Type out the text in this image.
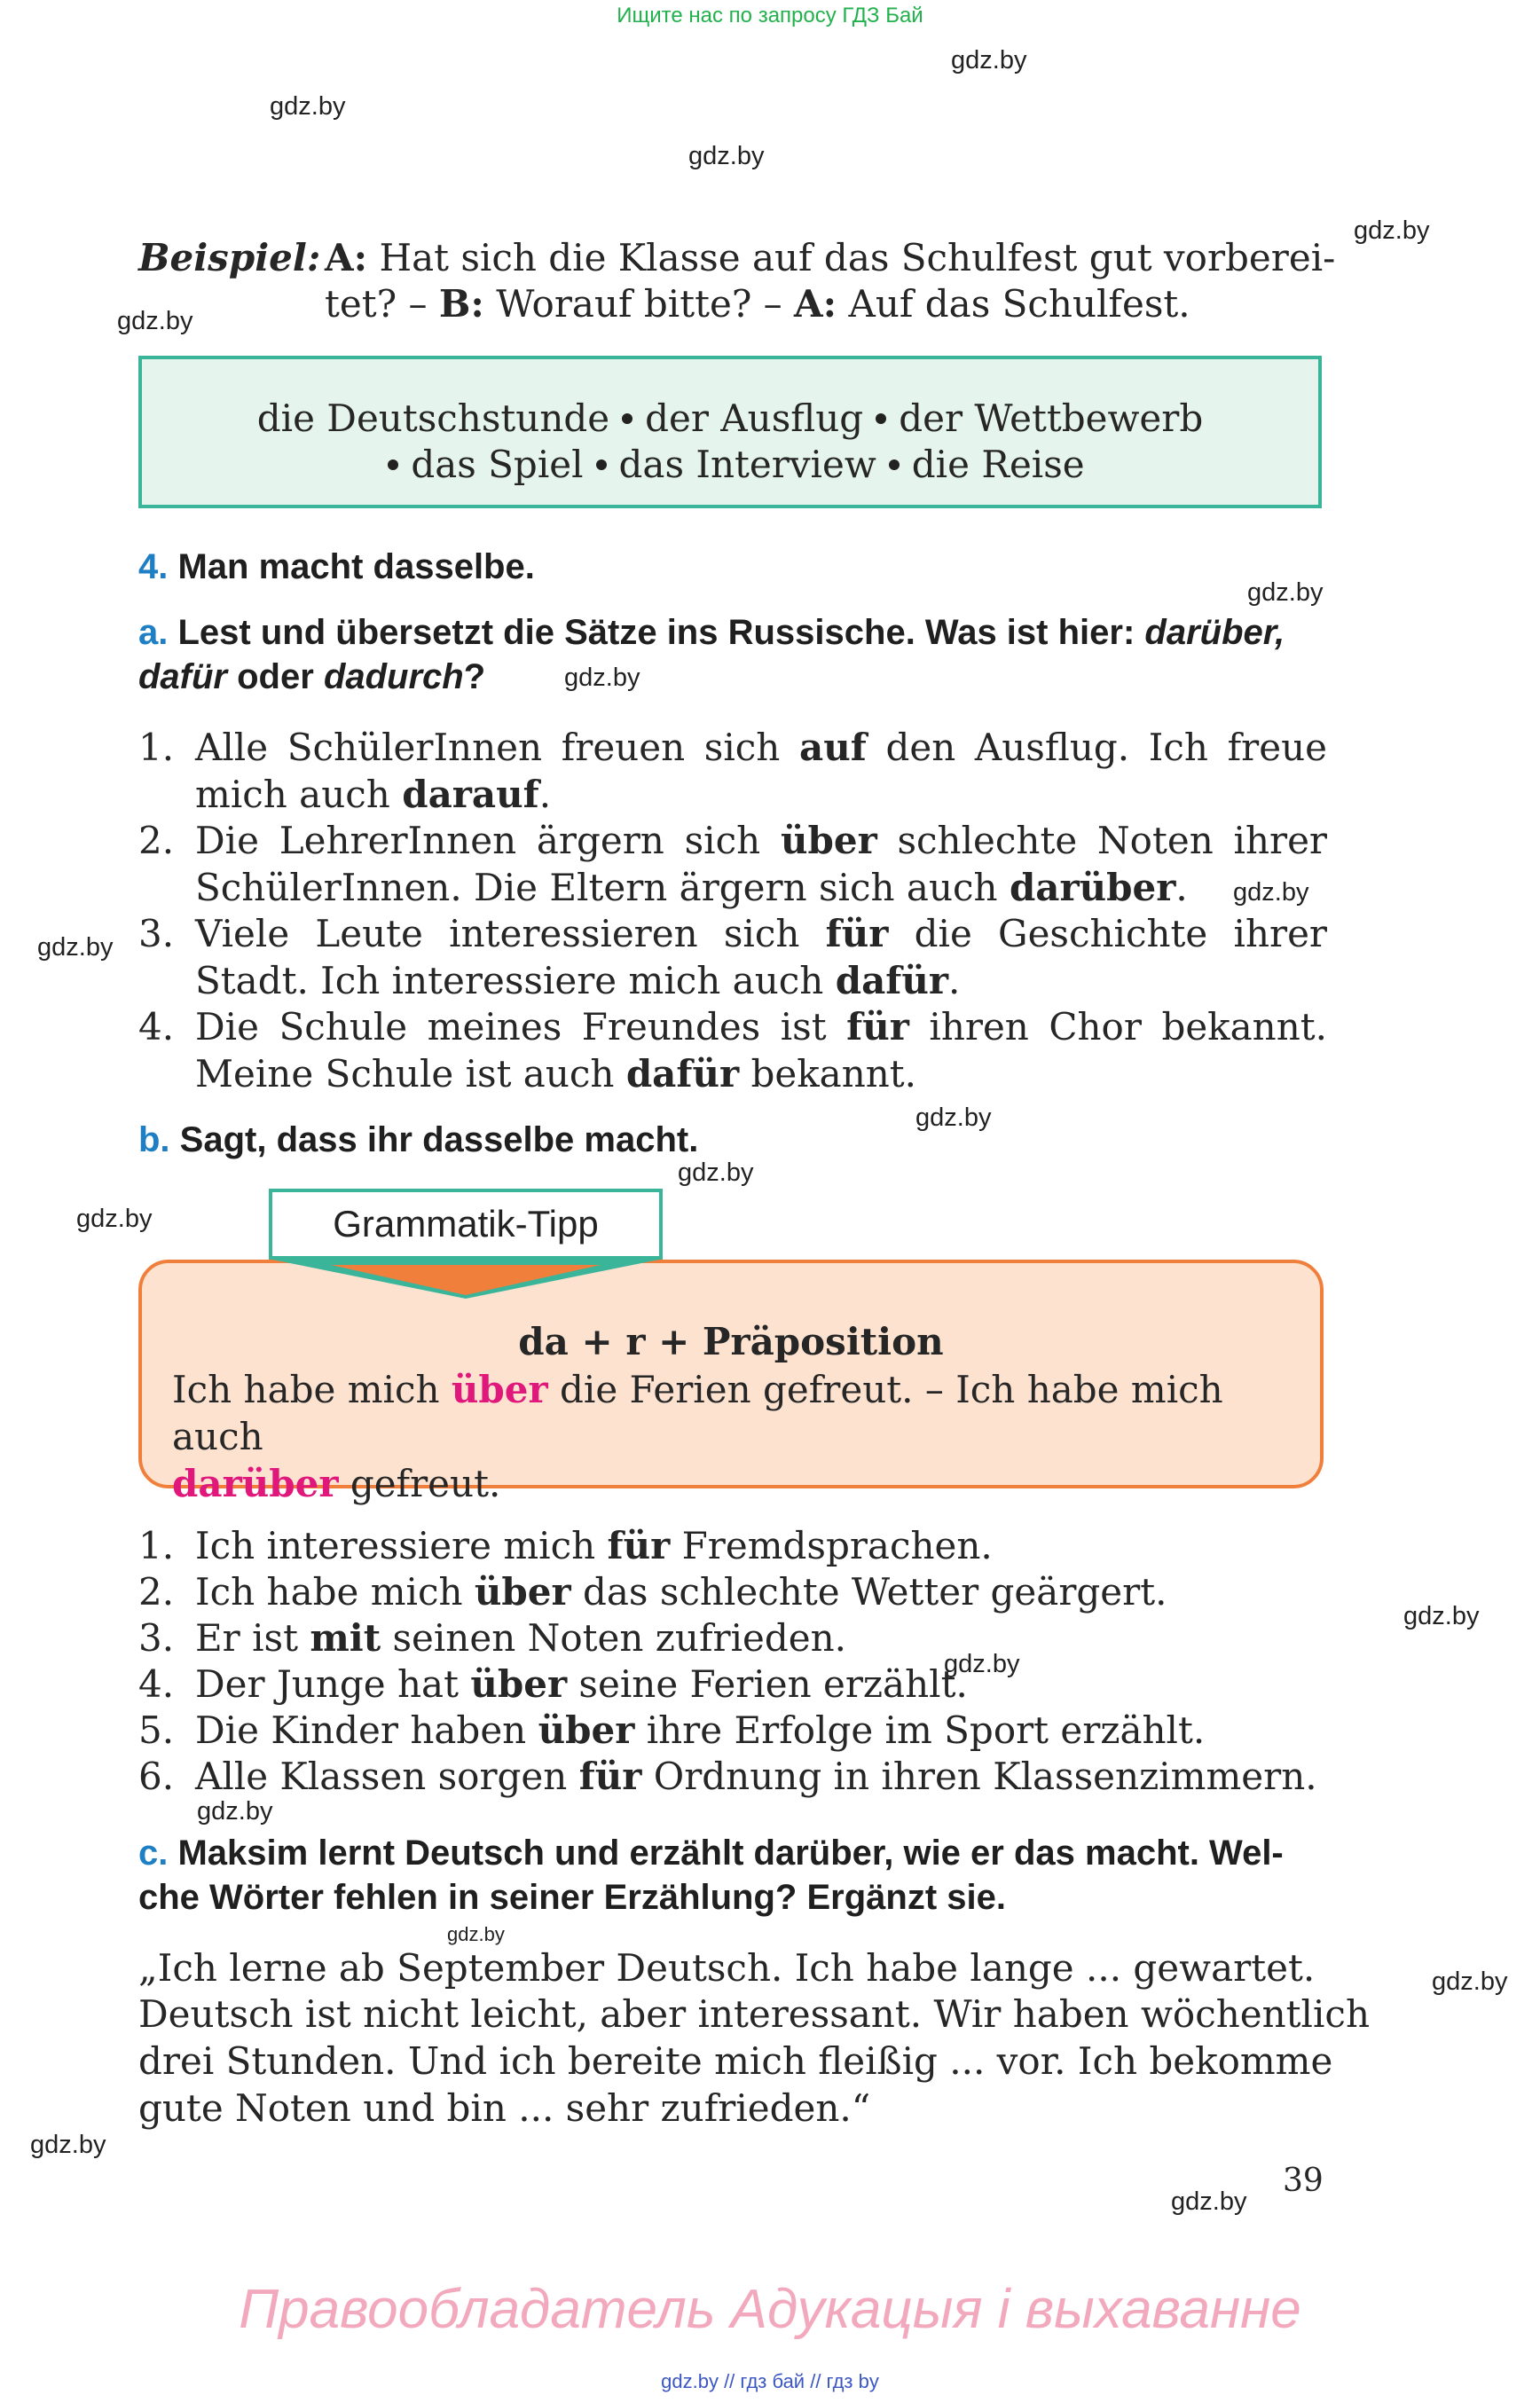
Ищите нас по запросу ГДЗ Бай
gdz.by
gdz.by
gdz.by
gdz.by
gdz.by
gdz.by
gdz.by
gdz.by
gdz.by
gdz.by
gdz.by
gdz.by
gdz.by
gdz.by
gdz.by
gdz.by
gdz.by
gdz.by
gdz.by
Beispiel: A: Hat sich die Klasse auf das Schulfest gut vorberei-
tet? – B: Worauf bitte? – A: Auf das Schulfest.
die Deutschstunde der Ausflug der Wettbewerb
das Spiel das Interview die Reise
4. Man macht dasselbe.
a. Lest und übersetzt die Sätze ins Russische. Was ist hier: darüber,
dafür oder dadurch?
1. Alle SchülerInnen freuen sich auf den Ausflug. Ich freue mich auch darauf.
2. Die LehrerInnen ärgern sich über schlechte Noten ihrer SchülerInnen. Die Eltern ärgern sich auch darüber.
3. Viele Leute interessieren sich für die Geschichte ihrer Stadt. Ich interessiere mich auch dafür.
4. Die Schule meines Freundes ist für ihren Chor bekannt. Meine Schule ist auch dafür bekannt.
b. Sagt, dass ihr dasselbe macht.
da + r + Präposition
Ich habe mich über die Ferien gefreut. – Ich habe mich auch
darüber gefreut.
Grammatik-Tipp
1. Ich interessiere mich für Fremdsprachen.
2. Ich habe mich über das schlechte Wetter geärgert.
3. Er ist mit seinen Noten zufrieden.
4. Der Junge hat über seine Ferien erzählt.
5. Die Kinder haben über ihre Erfolge im Sport erzählt.
6. Alle Klassen sorgen für Ordnung in ihren Klassenzimmern.
c. Maksim lernt Deutsch und erzählt darüber, wie er das macht. Wel-
che Wörter fehlen in seiner Erzählung? Ergänzt sie.
„Ich lerne ab September Deutsch. Ich habe lange ... gewartet.
Deutsch ist nicht leicht, aber interessant. Wir haben wöchentlich
drei Stunden. Und ich bereite mich fleißig ... vor. Ich bekomme
gute Noten und bin ... sehr zufrieden.“
39
Правообладатель Адукацыя і выхаванне
gdz.by // гдз бай // гдз by
